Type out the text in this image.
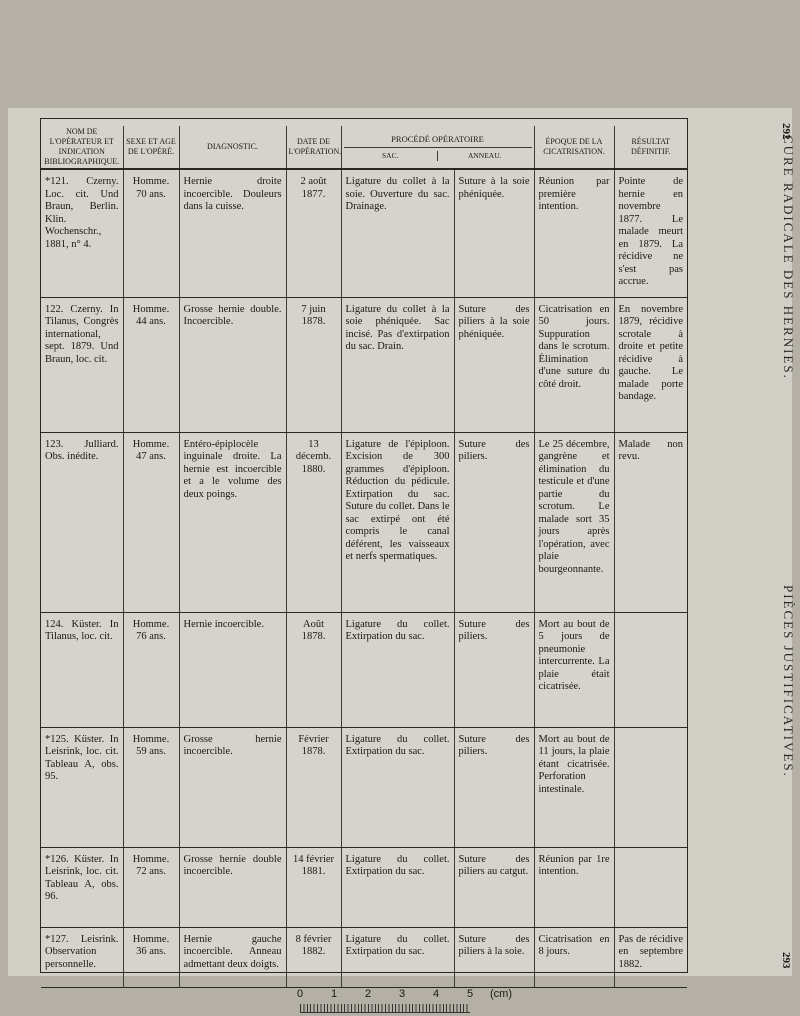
NOM DE L'OPÉRATEUR ET INDICATION BIBLIOGRAPHIQUE.	SEXE ET AGE DE L'OPÉRÉ.	DIAGNOSTIC.	DATE DE L'OPÉRATION.	PROCÉDÉ OPÉRATOIRE
SAC. ANNEAU.		ÉPOQUE DE LA CICATRISATION.	RÉSULTAT DÉFINITIF.
*121. Czerny. Loc. cit. Und Braun, Berlin. Klin. Wochenschr., 1881, n° 4.	Homme. 70 ans.	Hernie droite incoercible. Douleurs dans la cuisse.	2 août 1877.	Ligature du collet à la soie. Ouverture du sac. Drainage.	Suture à la soie phéniquée.	Réunion par première intention.	Pointe de hernie en novembre 1877. Le malade meurt en 1879. La récidive ne s'est pas accrue.
122. Czerny. In Tilanus, Congrès international, sept. 1879. Und Braun, loc. cit.	Homme. 44 ans.	Grosse hernie double. Incoercible.	7 juin 1878.	Ligature du collet à la soie phéniquée. Sac incisé. Pas d'extirpation du sac. Drain.	Suture des piliers à la soie phéniquée.	Cicatrisation en 50 jours. Suppuration dans le scrotum. Élimination d'une suture du côté droit.	En novembre 1879, récidive scrotale à droite et petite récidive à gauche. Le malade porte bandage.
123. Julliard. Obs. inédite.	Homme. 47 ans.	Entéro-épiplocèle inguinale droite. La hernie est incoercible et a le volume des deux poings.	13 décemb. 1880.	Ligature de l'épiploon. Excision de 300 grammes d'épiploon. Réduction du pédicule. Extirpation du sac. Suture du collet. Dans le sac extirpé ont été compris le canal déférent, les vaisseaux et nerfs spermatiques.	Suture des piliers.	Le 25 décembre, gangrène et élimination du testicule et d'une partie du scrotum. Le malade sort 35 jours après l'opération, avec plaie bourgeonnante.	Malade non revu.
124. Küster. In Tilanus, loc. cit.	Homme. 76 ans.	Hernie incoercible.	Août 1878.	Ligature du collet. Extirpation du sac.	Suture des piliers.	Mort au bout de 5 jours de pneumonie intercurrente. La plaie était cicatrisée.	
*125. Küster. In Leisrink, loc. cit. Tableau A, obs. 95.	Homme. 59 ans.	Grosse hernie incoercible.	Février 1878.	Ligature du collet. Extirpation du sac.	Suture des piliers.	Mort au bout de 11 jours, la plaie étant cicatrisée. Perforation intestinale.	
*126. Küster. In Leisrink, loc. cit. Tableau A, obs. 96.	Homme. 72 ans.	Grosse hernie double incoercible.	14 février 1881.	Ligature du collet. Extirpation du sac.	Suture des piliers au catgut.	Réunion par 1re intention.	
*127. Leisrink. Observation personnelle.	Homme. 36 ans.	Hernie gauche incoercible. Anneau admettant deux doigts.	8 février 1882.	Ligature du collet. Extirpation du sac.	Suture des piliers à la soie.	Cicatrisation en 8 jours.	Pas de récidive en septembre 1882.
CURE RADICALE DES HERNIES.
PIÈCES JUSTIFICATIVES.
292
293
0	1	2	3	4	5 (cm)
